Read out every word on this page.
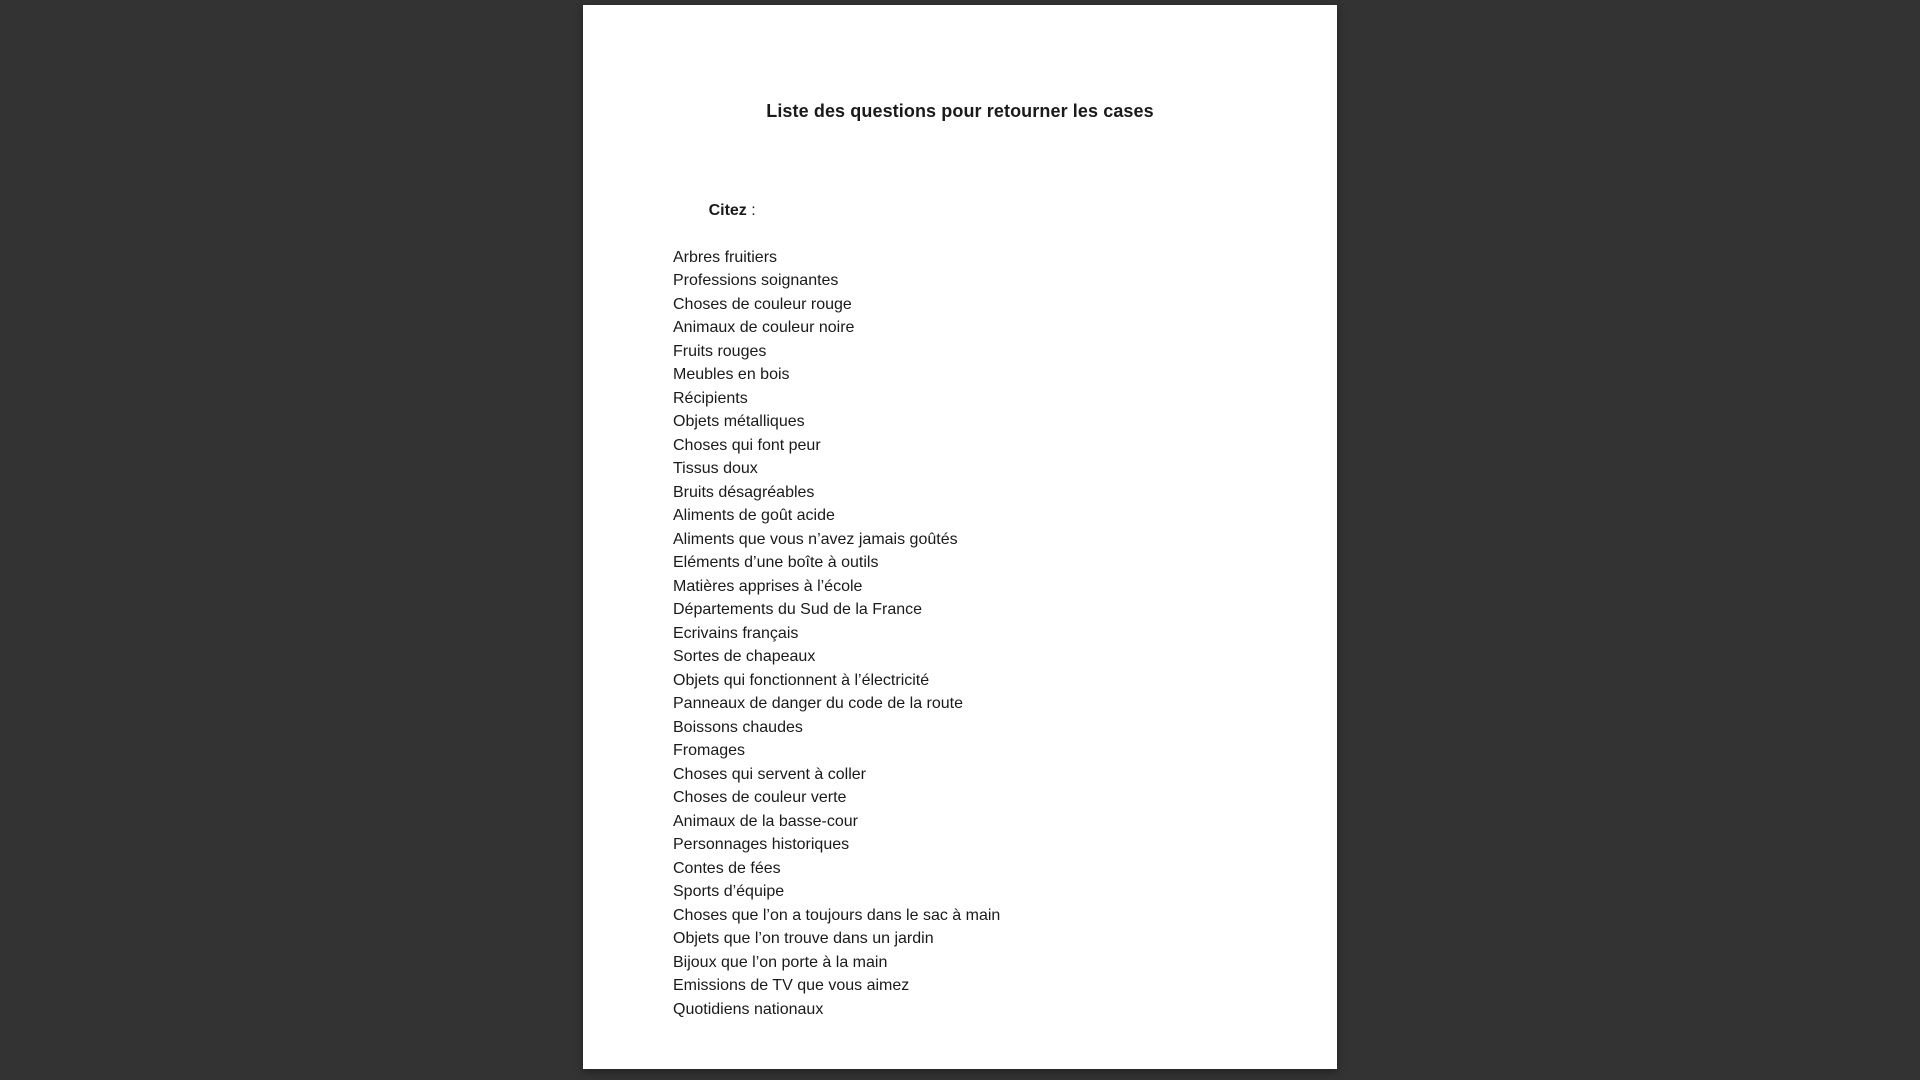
Liste des questions pour retourner les cases

Citez :

Arbres fruitiers
Professions soignantes
Choses de couleur rouge
Animaux de couleur noire
Fruits rouges
Meubles en bois
Récipients
Objets métalliques
Choses qui font peur
Tissus doux
Bruits désagréables
Aliments de goût acide
Aliments que vous n’avez jamais goûtés
Eléments d’une boîte à outils
Matières apprises à l’école
Départements du Sud de la France
Ecrivains français
Sortes de chapeaux
Objets qui fonctionnent à l’électricité
Panneaux de danger du code de la route
Boissons chaudes
Fromages
Choses qui servent à coller
Choses de couleur verte
Animaux de la basse-cour
Personnages historiques
Contes de fées
Sports d’équipe
Choses que l’on a toujours dans le sac à main
Objets que l’on trouve dans un jardin
Bijoux que l’on porte à la main
Emissions de TV que vous aimez
Quotidiens nationaux
